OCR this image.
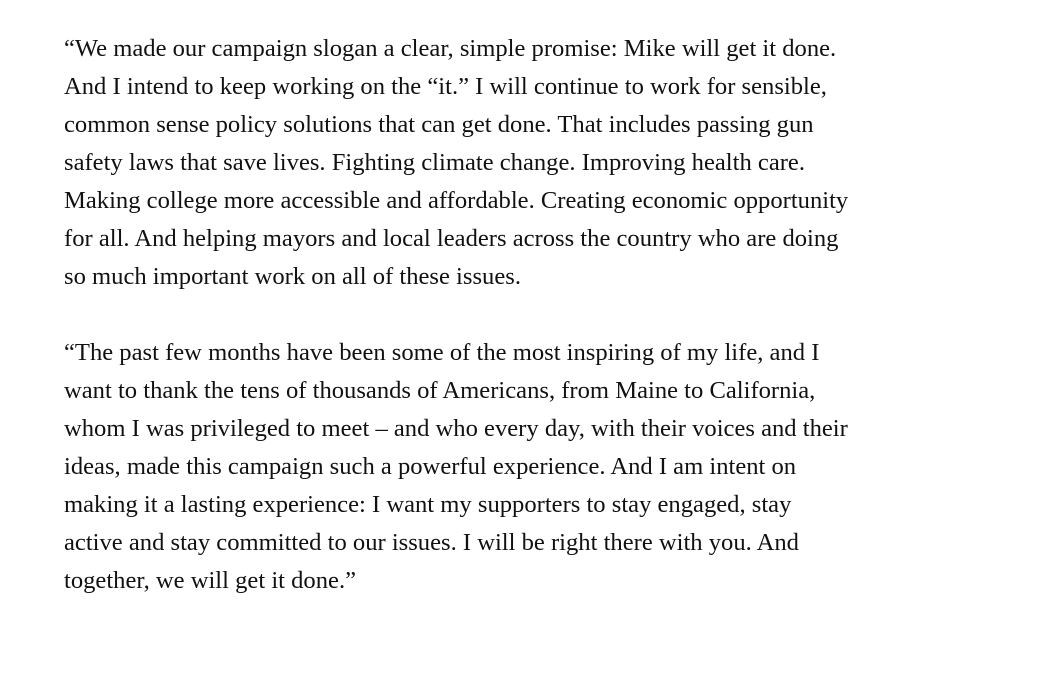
“We made our campaign slogan a clear, simple promise: Mike will get it done.
And I intend to keep working on the “it.” I will continue to work for sensible,
common sense policy solutions that can get done. That includes passing gun
safety laws that save lives. Fighting climate change. Improving health care.
Making college more accessible and affordable. Creating economic opportunity
for all. And helping mayors and local leaders across the country who are doing
so much important work on all of these issues.

“The past few months have been some of the most inspiring of my life, and I
want to thank the tens of thousands of Americans, from Maine to California,
whom I was privileged to meet – and who every day, with their voices and their
ideas, made this campaign such a powerful experience. And I am intent on
making it a lasting experience: I want my supporters to stay engaged, stay
active and stay committed to our issues. I will be right there with you. And
together, we will get it done.”
